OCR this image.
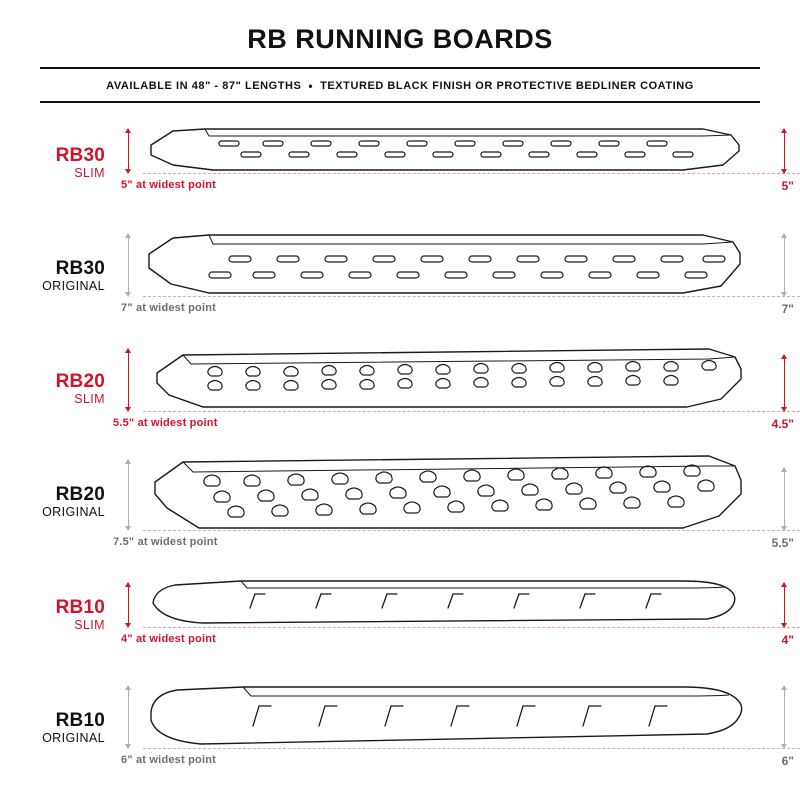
RB RUNNING BOARDS
AVAILABLE IN 48" - 87" LENGTHS • TEXTURED BLACK FINISH OR PROTECTIVE BEDLINER COATING
RB30
SLIM
5" at widest point	5"
RB30
ORIGINAL
7" at widest point	7"
RB20
SLIM
5.5" at widest point	4.5"
RB20
ORIGINAL
7.5" at widest point	5.5"
RB10
SLIM
4" at widest point	4"
RB10
ORIGINAL
6" at widest point	6"
